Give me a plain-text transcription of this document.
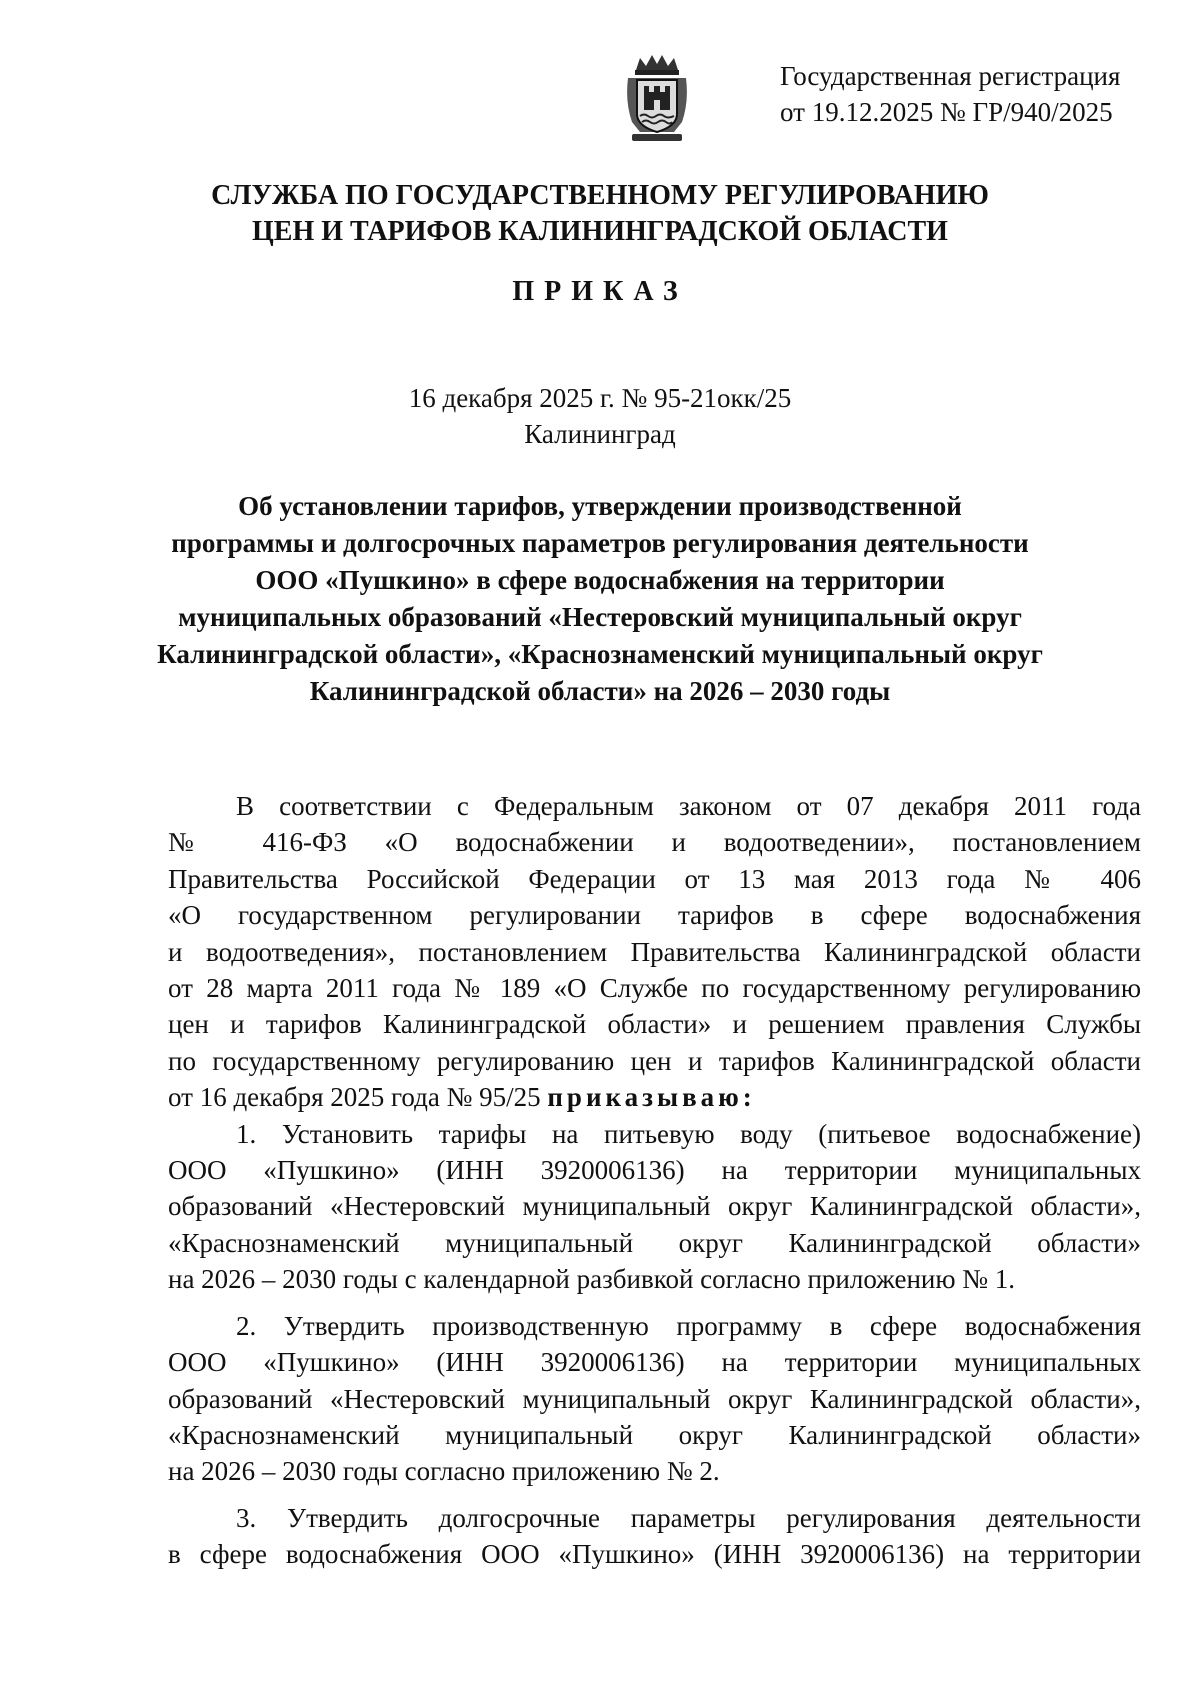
Государственная регистрация
от 19.12.2025 № ГР/940/2025
СЛУЖБА ПО ГОСУДАРСТВЕННОМУ РЕГУЛИРОВАНИЮ
ЦЕН И ТАРИФОВ КАЛИНИНГРАДСКОЙ ОБЛАСТИ
ПРИКАЗ
16 декабря 2025 г. № 95-21окк/25
Калининград
Об установлении тарифов, утверждении производственной
программы и долгосрочных параметров регулирования деятельности
ООО «Пушкино» в сфере водоснабжения на территории
муниципальных образований «Нестеровский муниципальный округ
Калининградской области», «Краснознаменский муниципальный округ
Калининградской области» на 2026 – 2030 годы
В соответствии с Федеральным законом от 07 декабря 2011 года
№ 416-ФЗ «О водоснабжении и водоотведении», постановлением
Правительства Российской Федерации от 13 мая 2013 года № 406
«О государственном регулировании тарифов в сфере водоснабжения
и водоотведения», постановлением Правительства Калининградской области
от 28 марта 2011 года № 189 «О Службе по государственному регулированию
цен и тарифов Калининградской области» и решением правления Службы
по государственному регулированию цен и тарифов Калининградской области
от 16 декабря 2025 года № 95/25 приказываю:
1. Установить тарифы на питьевую воду (питьевое водоснабжение)
ООО «Пушкино» (ИНН 3920006136) на территории муниципальных
образований «Нестеровский муниципальный округ Калининградской области»,
«Краснознаменский муниципальный округ Калининградской области»
на 2026 – 2030 годы с календарной разбивкой согласно приложению № 1.
2. Утвердить производственную программу в сфере водоснабжения
ООО «Пушкино» (ИНН 3920006136) на территории муниципальных
образований «Нестеровский муниципальный округ Калининградской области»,
«Краснознаменский муниципальный округ Калининградской области»
на 2026 – 2030 годы согласно приложению № 2.
3. Утвердить долгосрочные параметры регулирования деятельности
в сфере водоснабжения ООО «Пушкино» (ИНН 3920006136) на территории
